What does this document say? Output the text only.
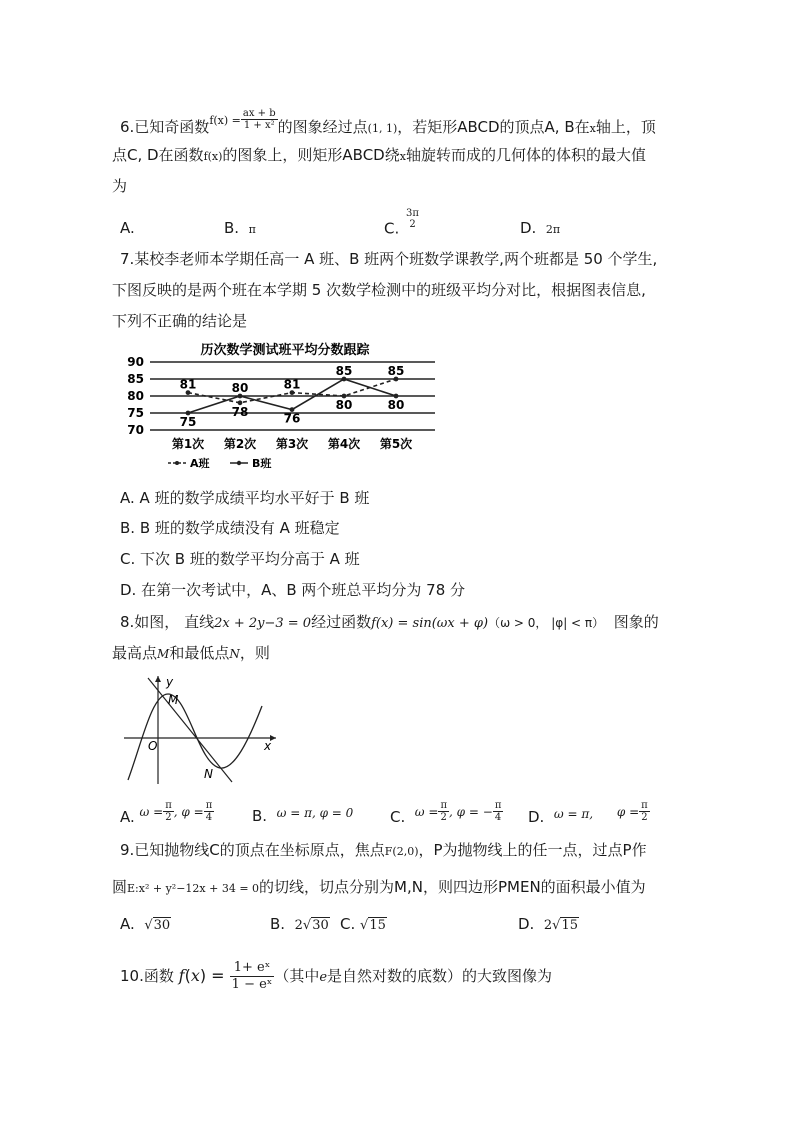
6.已知奇函数$^{f(x) =} \frac{ax + b}{\text{1 + x²}}$ 的图象经过点(1, 1)，若矩形ABCD的顶点A, B在x轴上，顶
点C, D在函数f(x)的图象上，则矩形ABCD绕x轴旋转而成的几何体的体积的最大值
为
A.	B. π	C.
3π
2	D. 2π
7.某校李老师本学期任高一 A 班、B 班两个班数学课教学,两个班都是 50 个学生,
下图反映的是两个班在本学期 5 次数学检测中的班级平均分对比，根据图表信息,
下列不正确的结论是
历次数学测试班平均分数跟踪
90
85
80
75
70
第1次 第2次 第3次 第4次 第5次
81
78
81
80
85
75
80
76
85
80
A班	B班
A. A 班的数学成绩平均水平好于 B 班
B. B 班的数学成绩没有 A 班稳定
C. 下次 B 班的数学平均分高于 A 班
D. 在第一次考试中，A、B 两个班总平均分为 78 分
8.如图， 直线2x + 2y−3 = 0经过函数f(x) = sin(ωx + φ)（ω > 0， |φ| < π） 图象的
最高点M和最低点N，则
y
M
O	x
N
A. $^{\omega =} \frac{\pi}{2} ^{, \varphi =} \frac{\pi}{4}$	B. $^{\omega = \pi, \varphi = 0}$ C. $^{\omega =} \frac{\pi}{2} ^{, \varphi = -} \frac{\pi}{4} D$. $^{\omega = \pi,}$ $^{\varphi =} \frac{\pi}{2}$
9.已知抛物线C的顶点在坐标原点，焦点F(2,0)，P为抛物线上的任一点，过点P作
圆E:x² + y²−12x + 34 = 0的切线，切点分别为M,N，则四边形PMEN的面积最小值为
A. √30	B. 2√30 C. √15	D. 2√15
10.函数 $f(x) = \frac{\text{1+ eˣ}}{\text{1 − eˣ}}$ （其中e是自然对数的底数）的大致图像为
